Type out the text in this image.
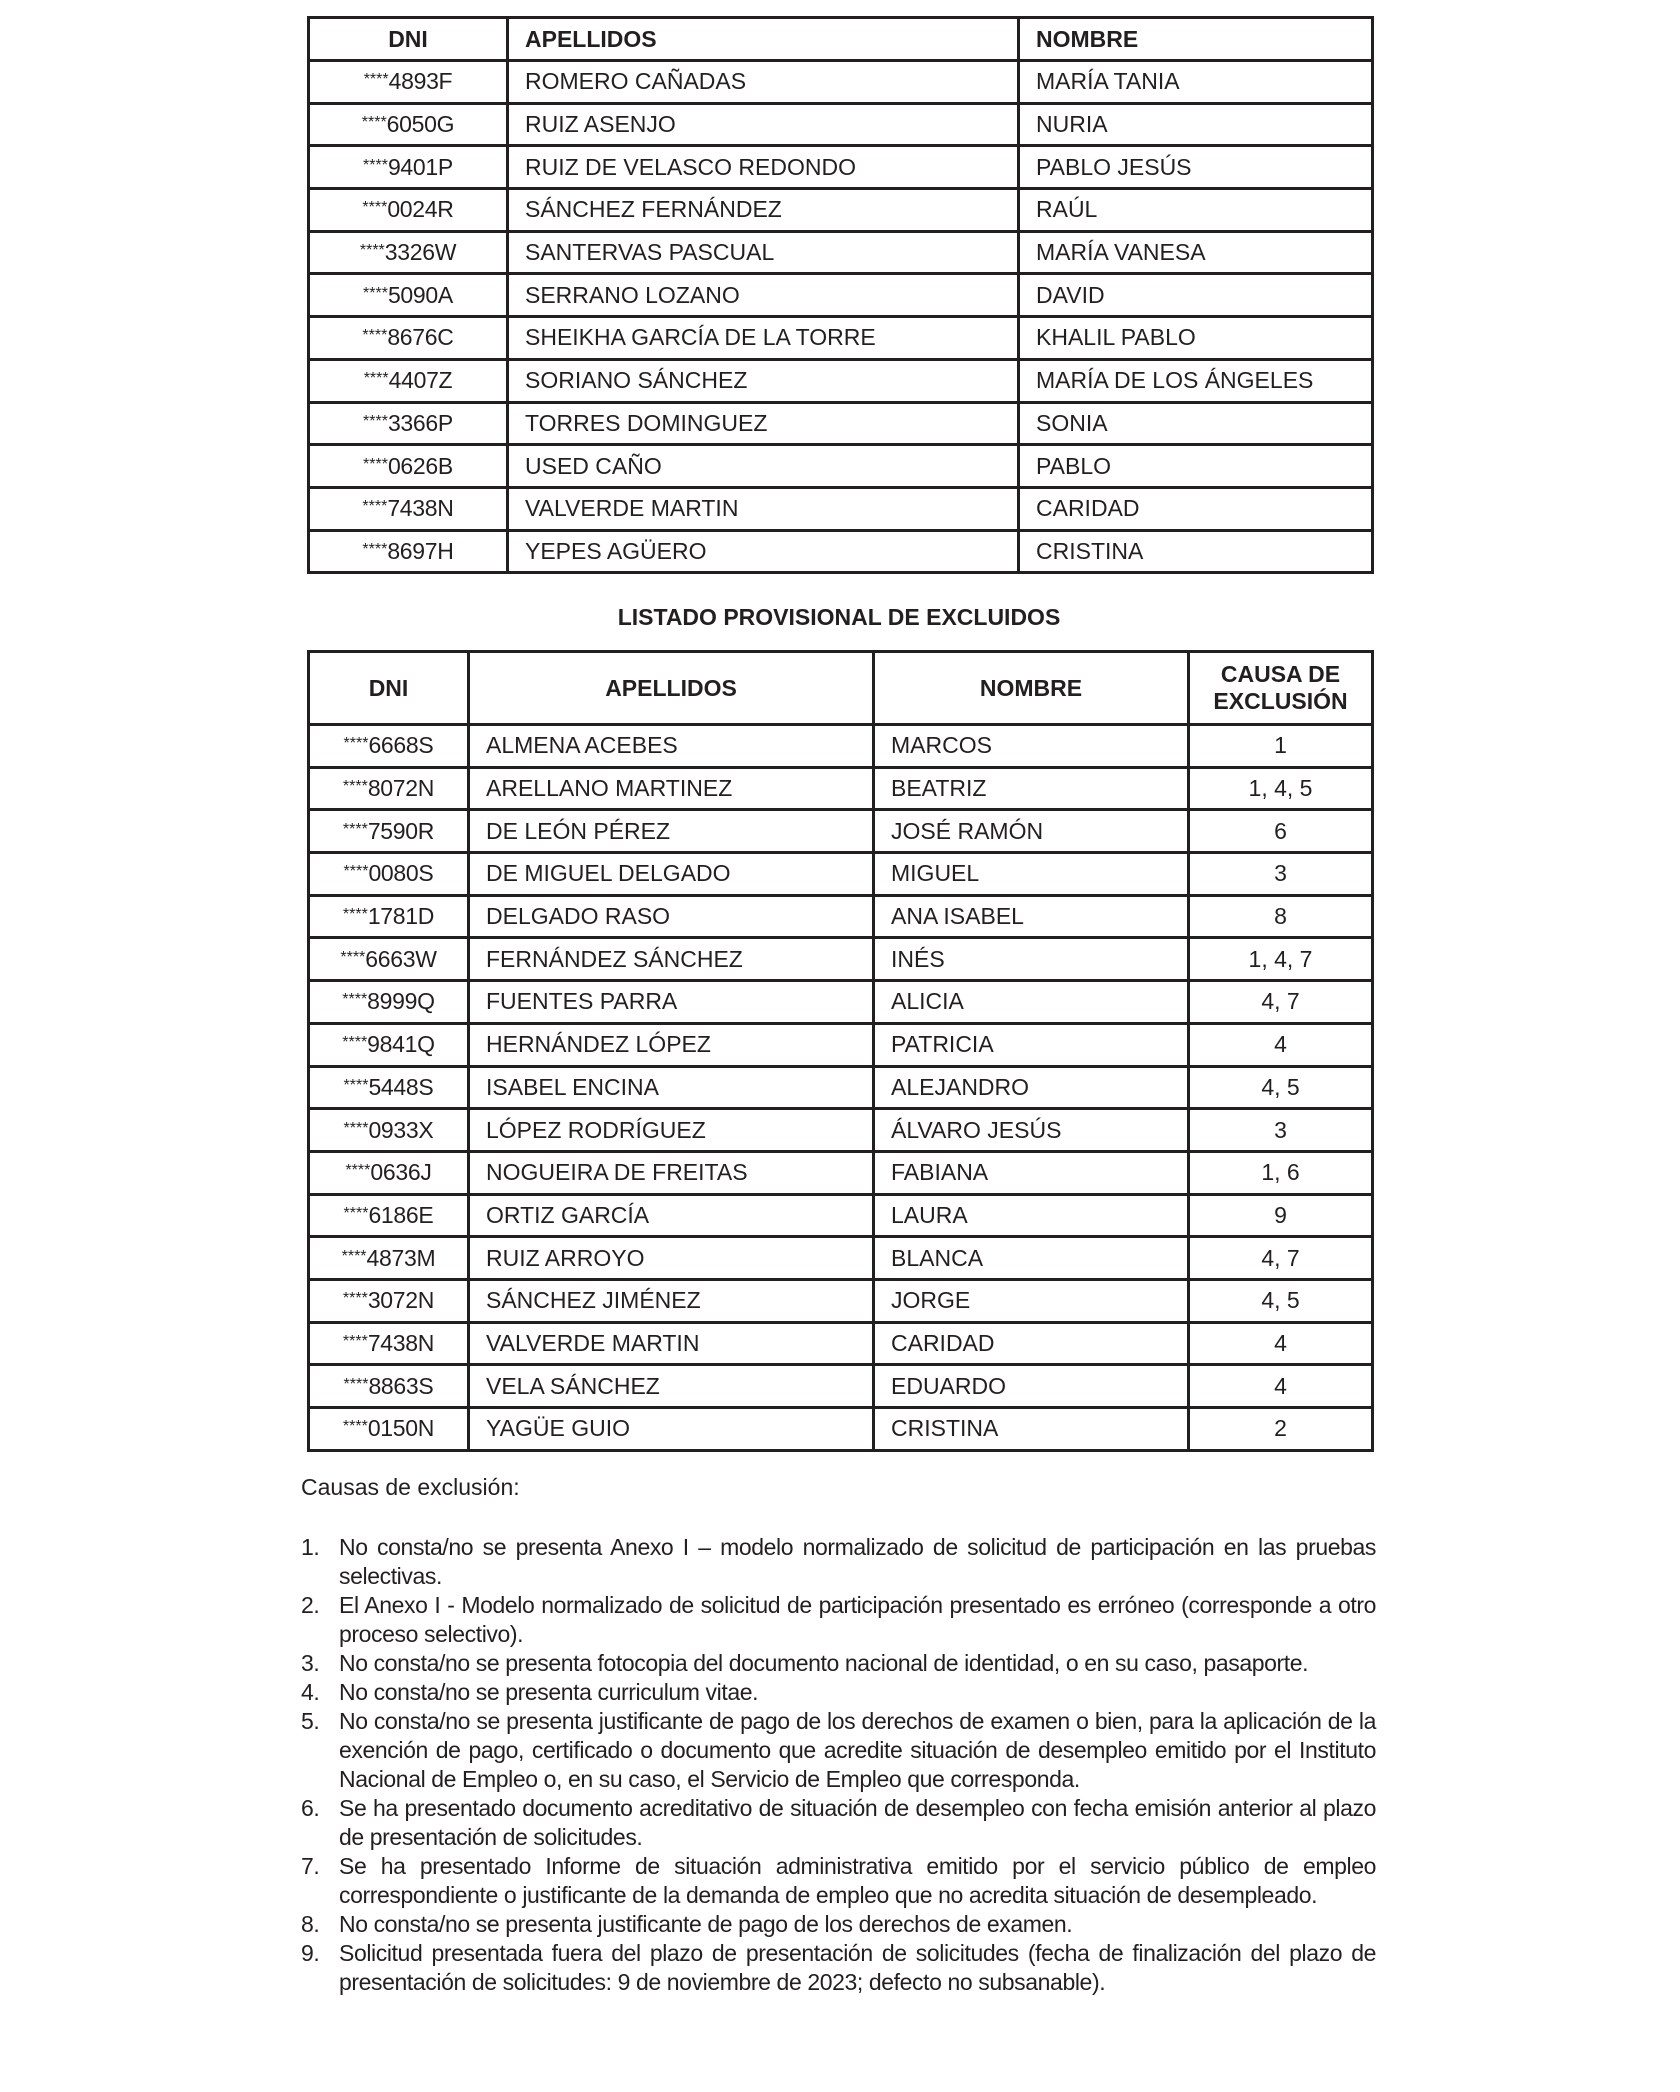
DNI	APELLIDOS	NOMBRE
****4893F	ROMERO CAÑADAS	MARÍA TANIA
****6050G	RUIZ ASENJO	NURIA
****9401P	RUIZ DE VELASCO REDONDO	PABLO JESÚS
****0024R	SÁNCHEZ FERNÁNDEZ	RAÚL
****3326W	SANTERVAS PASCUAL	MARÍA VANESA
****5090A	SERRANO LOZANO	DAVID
****8676C	SHEIKHA GARCÍA DE LA TORRE	KHALIL PABLO
****4407Z	SORIANO SÁNCHEZ	MARÍA DE LOS ÁNGELES
****3366P	TORRES DOMINGUEZ	SONIA
****0626B	USED CAÑO	PABLO
****7438N	VALVERDE MARTIN	CARIDAD
****8697H	YEPES AGÜERO	CRISTINA
LISTADO PROVISIONAL DE EXCLUIDOS
DNI	APELLIDOS	NOMBRE	CAUSA DE
EXCLUSIÓN
****6668S	ALMENA ACEBES	MARCOS	1
****8072N	ARELLANO MARTINEZ	BEATRIZ	1, 4, 5
****7590R	DE LEÓN PÉREZ	JOSÉ RAMÓN	6
****0080S	DE MIGUEL DELGADO	MIGUEL	3
****1781D	DELGADO RASO	ANA ISABEL	8
****6663W	FERNÁNDEZ SÁNCHEZ	INÉS	1, 4, 7
****8999Q	FUENTES PARRA	ALICIA	4, 7
****9841Q	HERNÁNDEZ LÓPEZ	PATRICIA	4
****5448S	ISABEL ENCINA	ALEJANDRO	4, 5
****0933X	LÓPEZ RODRÍGUEZ	ÁLVARO JESÚS	3
****0636J	NOGUEIRA DE FREITAS	FABIANA	1, 6
****6186E	ORTIZ GARCÍA	LAURA	9
****4873M	RUIZ ARROYO	BLANCA	4, 7
****3072N	SÁNCHEZ JIMÉNEZ	JORGE	4, 5
****7438N	VALVERDE MARTIN	CARIDAD	4
****8863S	VELA SÁNCHEZ	EDUARDO	4
****0150N	YAGÜE GUIO	CRISTINA	2
Causas de exclusión:
1. No consta/no se presenta Anexo I – modelo normalizado de solicitud de participación en las pruebas selectivas.
2. El Anexo I - Modelo normalizado de solicitud de participación presentado es erróneo (corresponde a otro proceso selectivo).
3. No consta/no se presenta fotocopia del documento nacional de identidad, o en su caso, pasaporte.
4. No consta/no se presenta curriculum vitae.
5. No consta/no se presenta justificante de pago de los derechos de examen o bien, para la aplicación de la exención de pago, certificado o documento que acredite situación de desempleo emitido por el Instituto Nacional de Empleo o, en su caso, el Servicio de Empleo que corresponda.
6. Se ha presentado documento acreditativo de situación de desempleo con fecha emisión anterior al plazo de presentación de solicitudes.
7. Se ha presentado Informe de situación administrativa emitido por el servicio público de empleo correspondiente o justificante de la demanda de empleo que no acredita situación de desempleado.
8. No consta/no se presenta justificante de pago de los derechos de examen.
9. Solicitud presentada fuera del plazo de presentación de solicitudes (fecha de finalización del plazo de presentación de solicitudes: 9 de noviembre de 2023; defecto no subsanable).
